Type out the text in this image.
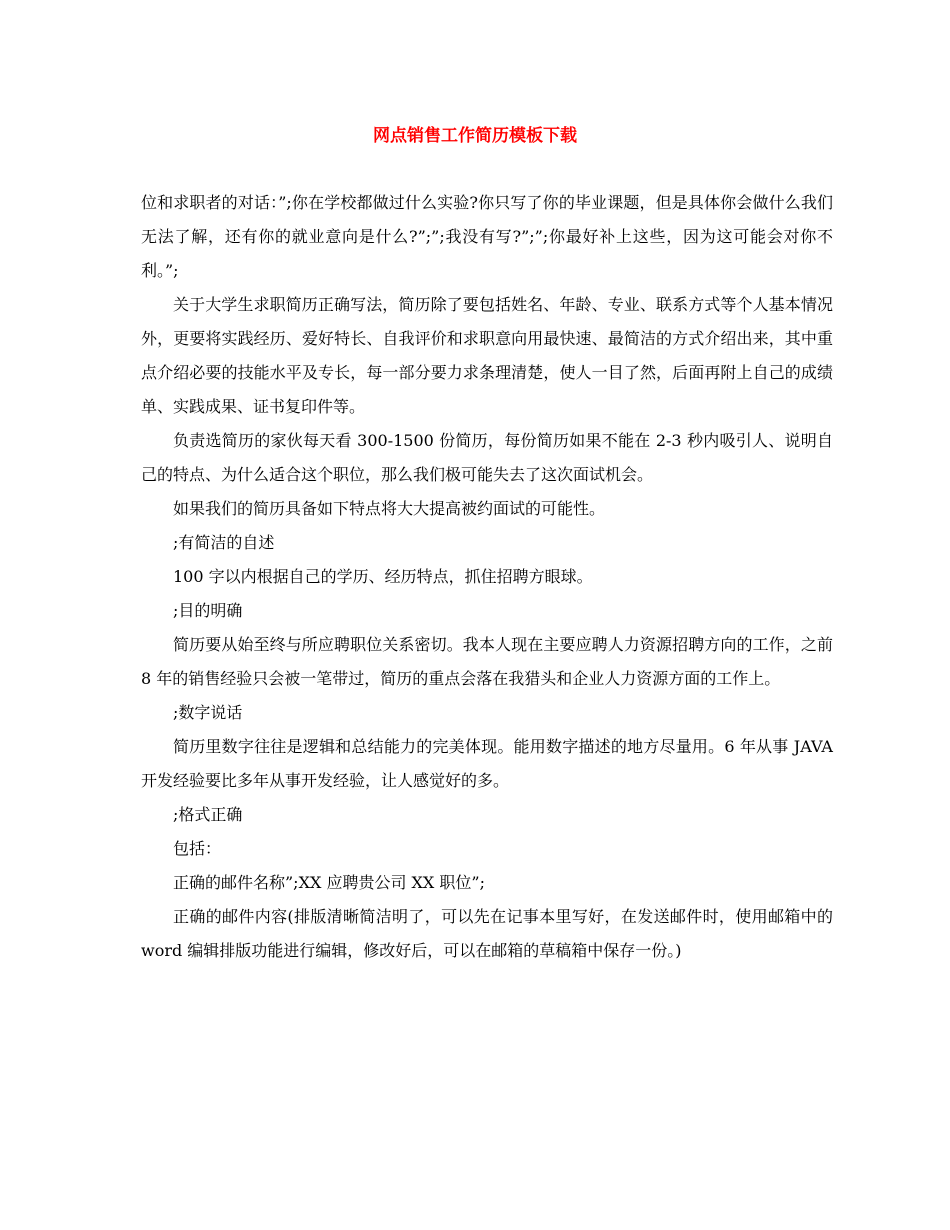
网点销售工作简历模板下载

位和求职者的对话：”;你在学校都做过什么实验?你只写了你的毕业课题，但是具体你会做什么我们无法了解，还有你的就业意向是什么?”;”;我没有写?”;”;你最好补上这些，因为这可能会对你不利。”;

关于大学生求职简历正确写法，简历除了要包括姓名、年龄、专业、联系方式等个人基本情况外，更要将实践经历、爱好特长、自我评价和求职意向用最快速、最简洁的方式介绍出来，其中重点介绍必要的技能水平及专长，每一部分要力求条理清楚，使人一目了然，后面再附上自己的成绩单、实践成果、证书复印件等。

负责选简历的家伙每天看 300-1500 份简历，每份简历如果不能在 2-3 秒内吸引人、说明自己的特点、为什么适合这个职位，那么我们极可能失去了这次面试机会。

如果我们的简历具备如下特点将大大提高被约面试的可能性。

;有简洁的自述

100 字以内根据自己的学历、经历特点，抓住招聘方眼球。

;目的明确

简历要从始至终与所应聘职位关系密切。我本人现在主要应聘人力资源招聘方向的工作，之前 8 年的销售经验只会被一笔带过，简历的重点会落在我猎头和企业人力资源方面的工作上。

;数字说话

简历里数字往往是逻辑和总结能力的完美体现。能用数字描述的地方尽量用。6 年从事 JAVA 开发经验要比多年从事开发经验，让人感觉好的多。

;格式正确

包括：

正确的邮件名称”;XX 应聘贵公司 XX 职位”;

正确的邮件内容(排版清晰简洁明了，可以先在记事本里写好，在发送邮件时，使用邮箱中的 word 编辑排版功能进行编辑，修改好后，可以在邮箱的草稿箱中保存一份。)
